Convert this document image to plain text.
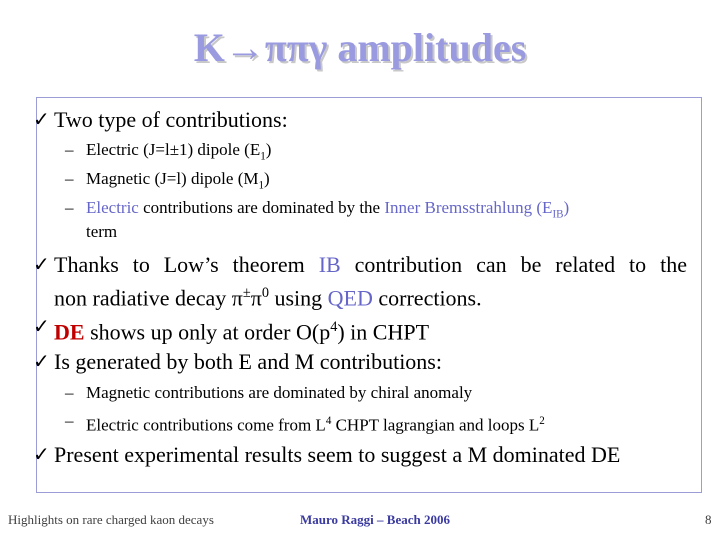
K→ππγ amplitudes
✓ Two type of contributions:
– Electric (J=l±1) dipole $(E_1)$
– Magnetic (J=l) dipole $(M_1)$
– Electric contributions are dominated by the Inner Bremsstrahlung $(E_{IB})$
term
✓ Thanks to Low’s theorem IB contribution can be related to the
non radiative decay $\pi^\pm\pi^0$ using QED corrections.
✓ DE shows up only at order $O(p^4)$ in CHPT
✓ Is generated by both E and M contributions:
– Magnetic contributions are dominated by chiral anomaly
– Electric contributions come from $L^4$ CHPT lagrangian and loops $L^2$
✓ Present experimental results seem to suggest a M dominated DE
Highlights on rare charged kaon decays	Mauro Raggi – Beach 2006	8
